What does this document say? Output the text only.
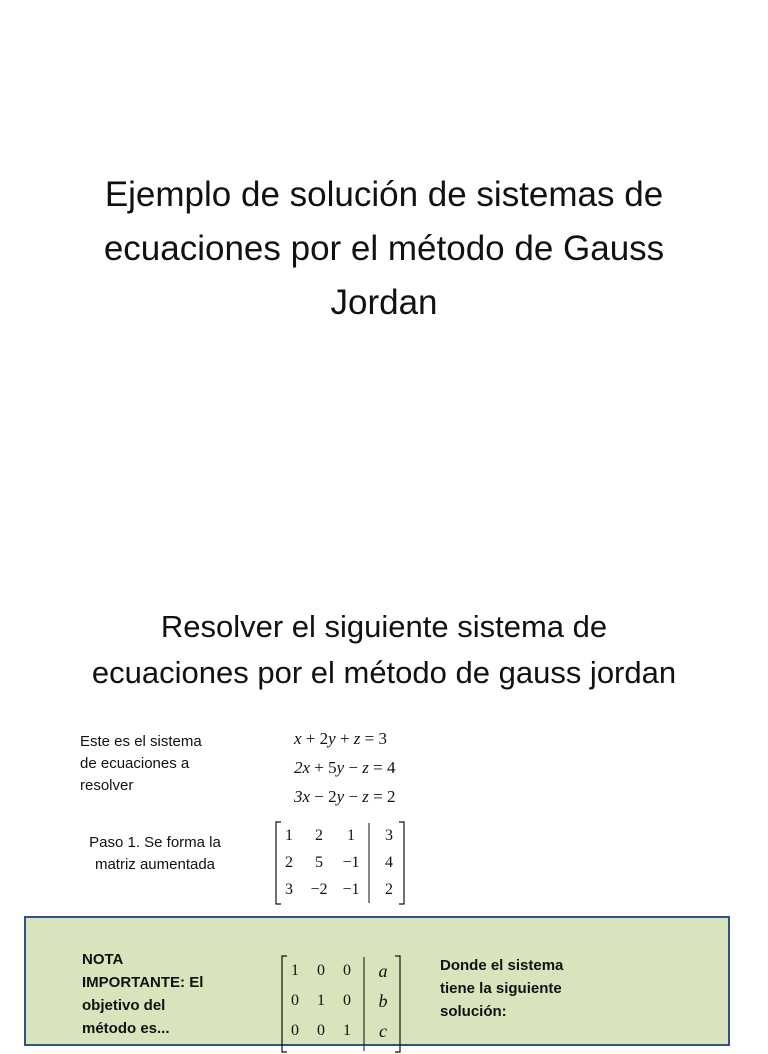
Ejemplo de solución de sistemas de
ecuaciones por el método de Gauss
Jordan
Resolver el siguiente sistema de
ecuaciones por el método de gauss jordan
Este es el sistema
de ecuaciones a
resolver
x + 2y + z = 3
2x + 5y − z = 4
3x − 2y − z = 2
Paso 1. Se forma la
matriz aumentada
1	2	1	3
2	5	−1	4
3	−2 −1	2
NOTA
IMPORTANTE: El
objetivo del
método es...
1	0	0	a
0	1	0	b
0	0	1	c
Donde el sistema
tiene la siguiente
solución:
